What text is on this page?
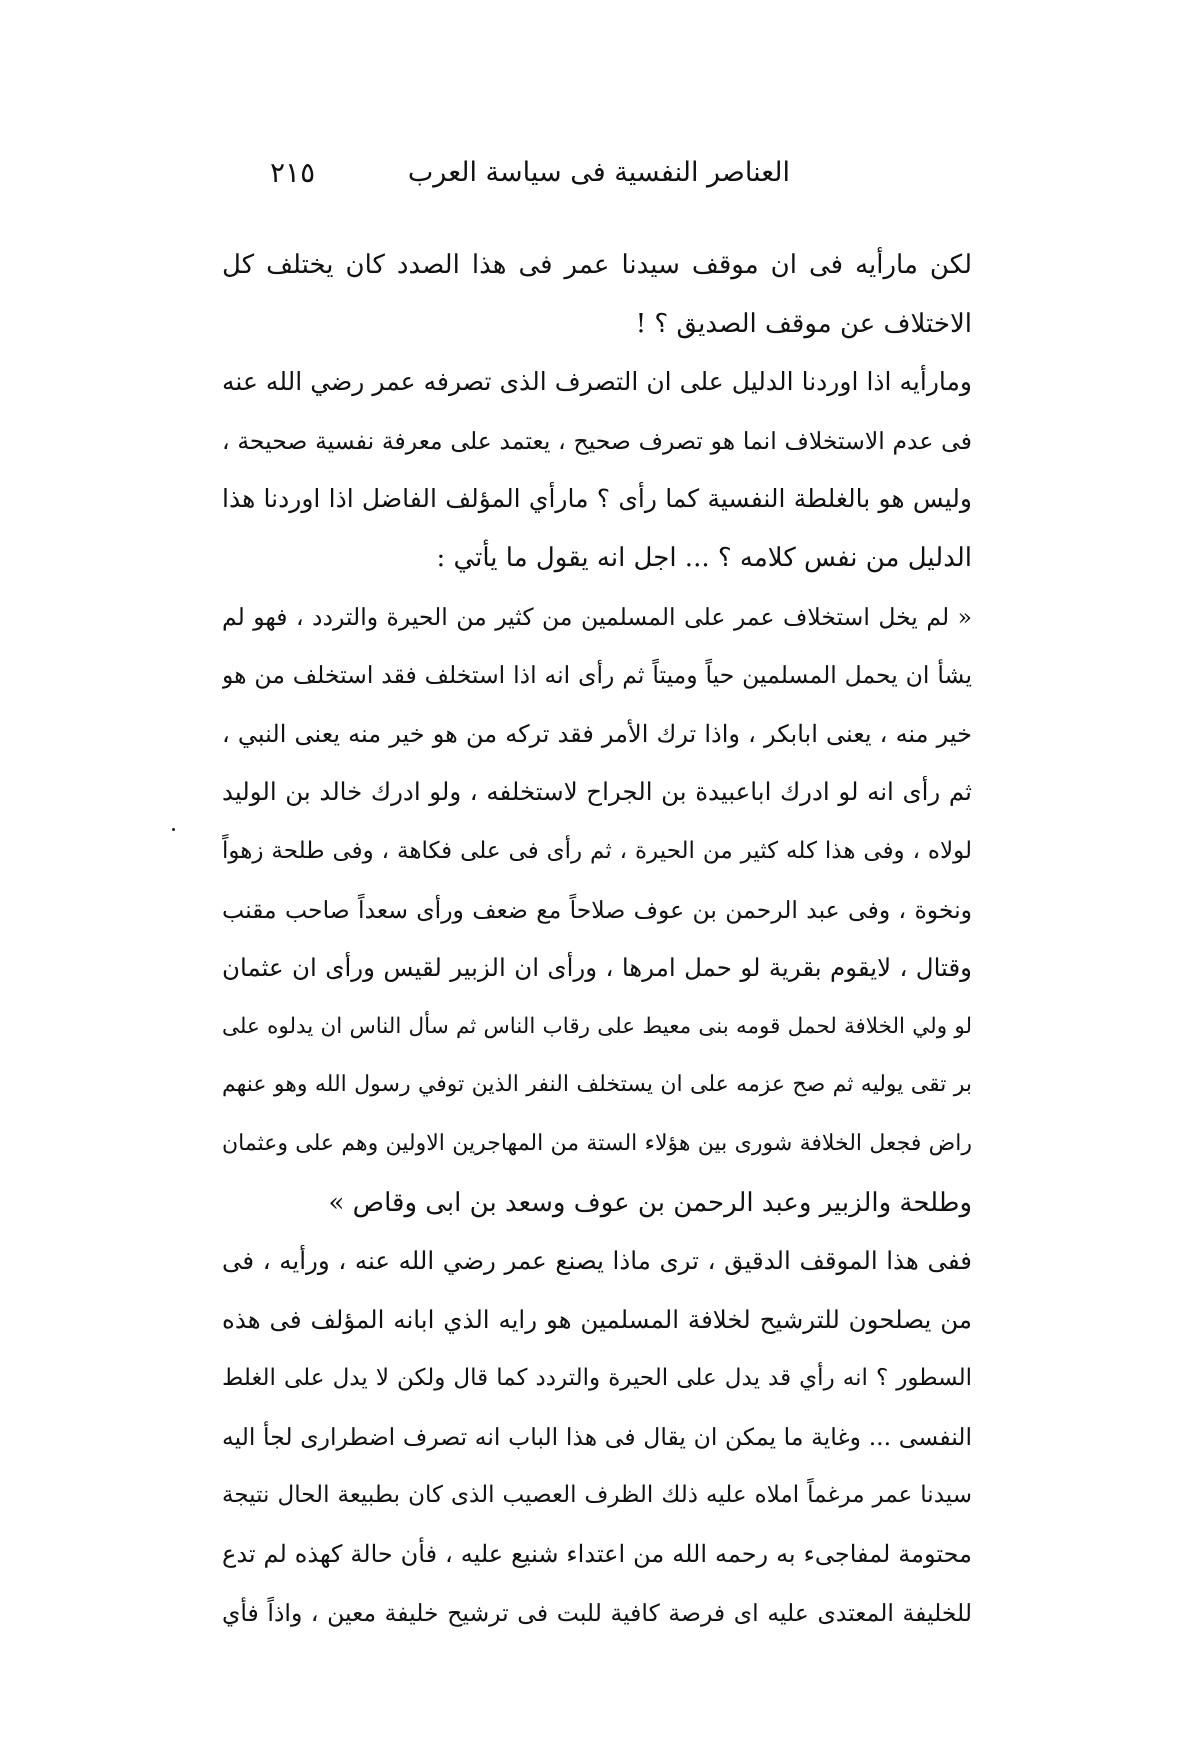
العناصر النفسية فى سياسة العرب
٢١٥
لكن مارأيه فى ان موقف سيدنا عمر فى هذا الصدد كان يختلف كل
الاختلاف عن موقف الصديق ؟ !
ومارأيه اذا اوردنا الدليل على ان التصرف الذى تصرفه عمر رضي الله عنه
فى عدم الاستخلاف انما هو تصرف صحيح ، يعتمد على معرفة نفسية صحيحة ،
وليس هو بالغلطة النفسية كما رأى ؟ مارأي المؤلف الفاضل اذا اوردنا هذا
الدليل من نفس كلامه ؟ ... اجل انه يقول ما يأتي :
« لم يخل استخلاف عمر على المسلمين من كثير من الحيرة والتردد ، فهو لم
يشأ ان يحمل المسلمين حياً وميتاً ثم رأى انه اذا استخلف فقد استخلف من هو
خير منه ، يعنى ابابكر ، واذا ترك الأمر فقد تركه من هو خير منه يعنى النبي ،
ثم رأى انه لو ادرك اباعبيدة بن الجراح لاستخلفه ، ولو ادرك خالد بن الوليد
لولاه ، وفى هذا كله كثير من الحيرة ، ثم رأى فى على فكاهة ، وفى طلحة زهواً
ونخوة ، وفى عبد الرحمن بن عوف صلاحاً مع ضعف ورأى سعداً صاحب مقنب
وقتال ، لايقوم بقرية لو حمل امرها ، ورأى ان الزبير لقيس ورأى ان عثمان
لو ولي الخلافة لحمل قومه بنى معيط على رقاب الناس ثم سأل الناس ان يدلوه على
بر تقى يوليه ثم صح عزمه على ان يستخلف النفر الذين توفي رسول الله وهو عنهم
راض فجعل الخلافة شورى بين هؤلاء الستة من المهاجرين الاولين وهم على وعثمان
وطلحة والزبير وعبد الرحمن بن عوف وسعد بن ابى وقاص »
ففى هذا الموقف الدقيق ، ترى ماذا يصنع عمر رضي الله عنه ، ورأيه ، فى
من يصلحون للترشيح لخلافة المسلمين هو رايه الذي ابانه المؤلف فى هذه
السطور ؟ انه رأي قد يدل على الحيرة والتردد كما قال ولكن لا يدل على الغلط
النفسى ... وغاية ما يمكن ان يقال فى هذا الباب انه تصرف اضطرارى لجأ اليه
سيدنا عمر مرغماً املاه عليه ذلك الظرف العصيب الذى كان بطبيعة الحال نتيجة
محتومة لمفاجىء به رحمه الله من اعتداء شنيع عليه ، فأن حالة كهذه لم تدع
للخليفة المعتدى عليه اى فرصة كافية للبت فى ترشيح خليفة معين ، واذاً فأي
